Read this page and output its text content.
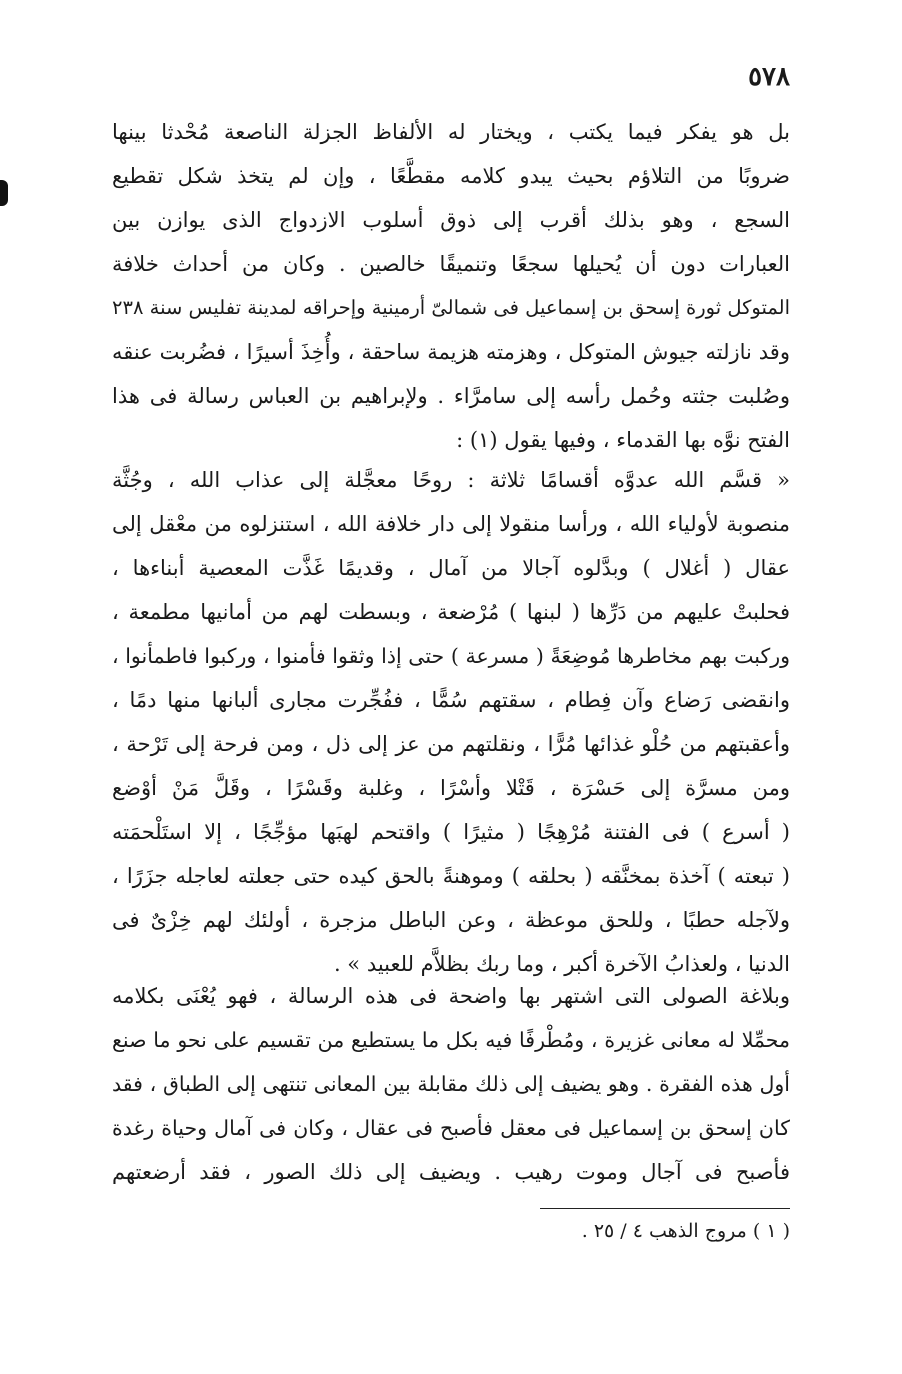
٥٧٨
بل هو يفكر فيما يكتب ، ويختار له الألفاظ الجزلة الناصعة مُحْدثا بينها
ضروبًا من التلاؤم بحيث يبدو كلامه مقطَّعًا ، وإن لم يتخذ شكل تقطيع
السجع ، وهو بذلك أقرب إلى ذوق أسلوب الازدواج الذى يوازن بين
العبارات دون أن يُحيلها سجعًا وتنميقًا خالصين . وكان من أحداث خلافة
المتوكل ثورة إسحق بن إسماعيل فى شمالىّ أرمينية وإحراقه لمدينة تفليس سنة ٢٣٨
وقد نازلته جيوش المتوكل ، وهزمته هزيمة ساحقة ، وأُخِذَ أسيرًا ، فضُربت عنقه
وصُلبت جثته وحُمل رأسه إلى سامرَّاء . ولإبراهيم بن العباس رسالة فى هذا
الفتح نوَّه بها القدماء ، وفيها يقول (١) :
« قسَّم الله عدوَّه أقسامًا ثلاثة : روحًا معجَّلة إلى عذاب الله ، وجُثَّة
منصوبة لأولياء الله ، ورأسا منقولا إلى دار خلافة الله ، استنزلوه من معْقل إلى
عقال ( أغلال ) وبدَّلوه آجالا من آمال ، وقديمًا غَذَّت المعصية أبناءها ،
فحلبتْ عليهم من دَرِّها ( لبنها ) مُرْضعة ، وبسطت لهم من أمانيها مطمعة ،
وركبت بهم مخاطرها مُوضِعَةً ( مسرعة ) حتى إذا وثقوا فأمنوا ، وركبوا فاطمأنوا ،
وانقضى رَضاع وآن فِطام ، سقتهم سُمًّا ، ففُجِّرت مجارى ألبانها منها دمًا ،
وأعقبتهم من حُلْو غذائها مُرًّا ، ونقلتهم من عز إلى ذل ، ومن فرحة إلى تَرْحة ،
ومن مسرَّة إلى حَسْرَة ، قَتْلا وأسْرًا ، وغلبة وقَسْرًا ، وقَلَّ مَنْ أوْضع
( أسرع ) فى الفتنة مُرْهِجًا ( مثيرًا ) واقتحم لهبَها مؤجِّجًا ، إلا استَلْحمَته
( تبعته ) آخذة بمخنَّقه ( بحلقه ) وموهنةً بالحق كيده حتى جعلته لعاجله جزَرًا ،
ولآجله حطبًا ، وللحق موعظة ، وعن الباطل مزجرة ، أولئك لهم خِزْىٌ فى
الدنيا ، ولعذابُ الآخرة أكبر ، وما ربك بظلاَّم للعبيد » .
وبلاغة الصولى التى اشتهر بها واضحة فى هذه الرسالة ، فهو يُعْنَى بكلامه
محمِّلا له معانى غزيرة ، ومُطْرفًا فيه بكل ما يستطيع من تقسيم على نحو ما صنع
أول هذه الفقرة . وهو يضيف إلى ذلك مقابلة بين المعانى تنتهى إلى الطباق ، فقد
كان إسحق بن إسماعيل فى معقل فأصبح فى عقال ، وكان فى آمال وحياة رغدة
فأصبح فى آجال وموت رهيب . ويضيف إلى ذلك الصور ، فقد أرضعتهم
( ١ ) مروج الذهب ٤ / ٢٥ .
